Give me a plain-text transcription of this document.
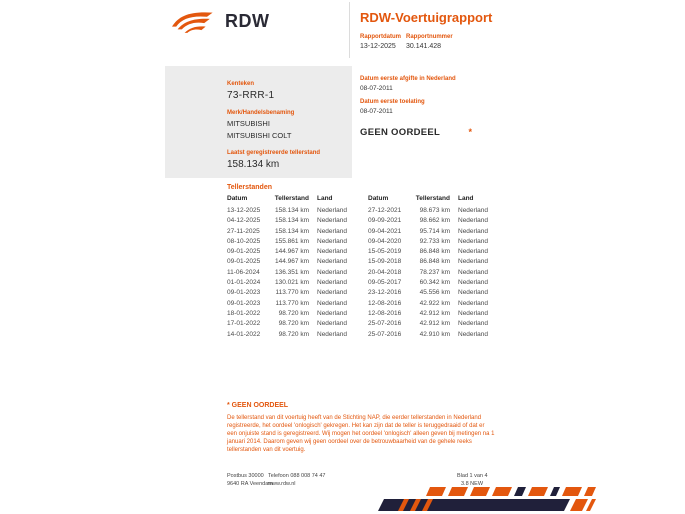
RDW	RDW-Voertuigrapport
Rapportdatum
13-12-2025
Rapportnummer
30.141.428
Kenteken
73-RRR-1
Merk/Handelsbenaming
MITSUBISHI
MITSUBISHI COLT
Laatst geregistreerde tellerstand
158.134 km
Datum eerste afgifte in Nederland
08-07-2011
Datum eerste toelating
08-07-2011
GEEN OORDEEL	*
Tellerstanden
Datum	Tellerstand	Land
13-12-2025	158.134 km	Nederland
04-12-2025	158.134 km	Nederland
27-11-2025	158.134 km	Nederland
08-10-2025	155.861 km	Nederland
09-01-2025	144.967 km	Nederland
09-01-2025	144.967 km	Nederland
11-06-2024	136.351 km	Nederland
01-01-2024	130.021 km	Nederland
09-01-2023	113.770 km	Nederland
09-01-2023	113.770 km	Nederland
18-01-2022	98.720 km	Nederland
17-01-2022	98.720 km	Nederland
14-01-2022	98.720 km	Nederland
Datum	Tellerstand	Land
27-12-2021	98.673 km	Nederland
09-09-2021	98.662 km	Nederland
09-04-2021	95.714 km	Nederland
09-04-2020	92.733 km	Nederland
15-05-2019	86.848 km	Nederland
15-09-2018	86.848 km	Nederland
20-04-2018	78.237 km	Nederland
09-05-2017	60.342 km	Nederland
23-12-2016	45.556 km	Nederland
12-08-2016	42.922 km	Nederland
12-08-2016	42.912 km	Nederland
25-07-2016	42.912 km	Nederland
25-07-2016	42.910 km	Nederland
* GEEN OORDEEL
De tellerstand van dit voertuig heeft van de Stichting NAP, die eerder tellerstanden in Nederland registreerde, het oordeel 'onlogisch' gekregen. Het kan zijn dat de teller is teruggedraaid of dat er een onjuiste stand is geregistreerd. Wij mogen het oordeel 'onlogisch' alleen geven bij metingen na 1 januari 2014. Daarom geven wij geen oordeel over de betrouwbaarheid van de gehele reeks tellerstanden van dit voertuig.
Postbus 30000
9640 RA Veendam
Telefoon 088 008 74 47
www.rdw.nl
Blad 1 van 4
3.8 NEW
